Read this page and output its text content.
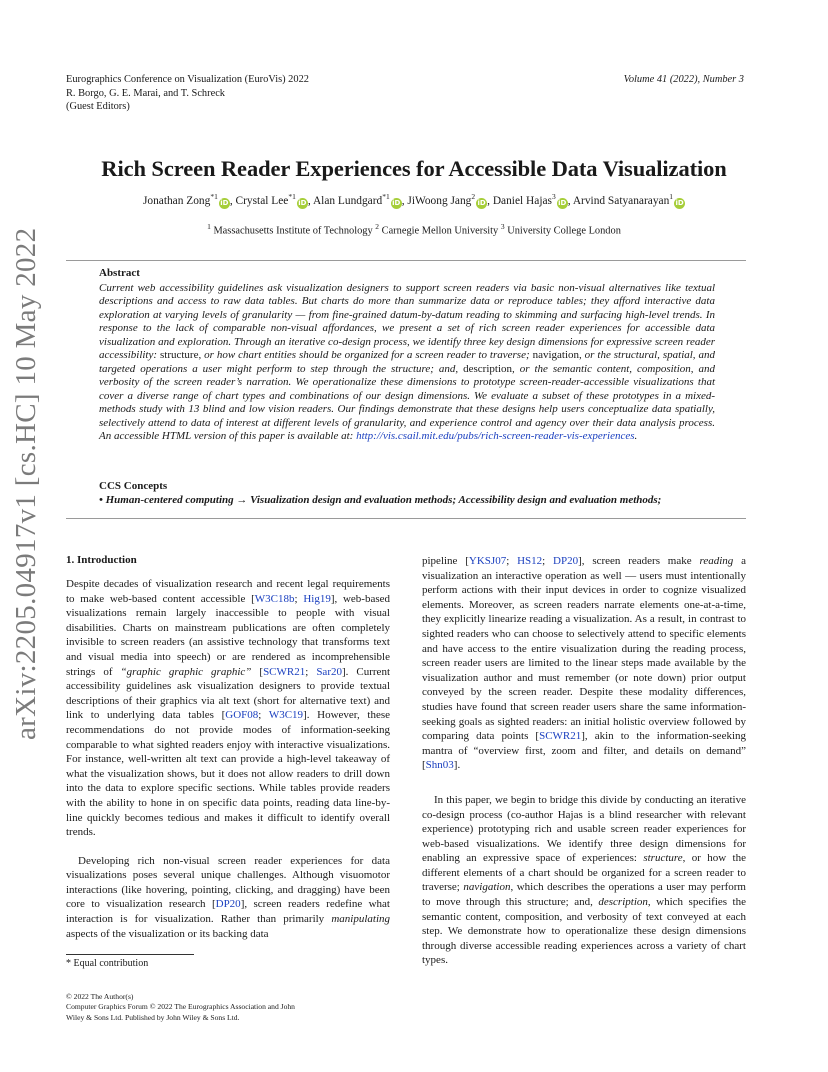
arXiv:2205.04917v1 [cs.HC] 10 May 2022
Eurographics Conference on Visualization (EuroVis) 2022
R. Borgo, G. E. Marai, and T. Schreck
(Guest Editors)
Volume 41 (2022), Number 3
Rich Screen Reader Experiences for Accessible Data Visualization
Jonathan Zong$^{*1}$iD, Crystal Lee$^{*1}$iD, Alan Lundgard$^{*1}$iD, JiWoong Jang$^2$iD, Daniel Hajas$^3$iD, Arvind Satyanarayan$^1$iD
$^1$ Massachusetts Institute of Technology $^2$ Carnegie Mellon University $^3$ University College London
Abstract

Current web accessibility guidelines ask visualization designers to support screen readers via basic non-visual alternatives like textual descriptions and access to raw data tables. But charts do more than summarize data or reproduce tables; they afford interactive data exploration at varying levels of granularity — from fine-grained datum-by-datum reading to skimming and surfacing high-level trends. In response to the lack of comparable non-visual affordances, we present a set of rich screen reader experiences for accessible data visualization and exploration. Through an iterative co-design process, we identify three key design dimensions for expressive screen reader accessibility: structure, or how chart entities should be organized for a screen reader to traverse; navigation, or the structural, spatial, and targeted operations a user might perform to step through the structure; and, description, or the semantic content, composition, and verbosity of the screen reader’s narration. We operationalize these dimensions to prototype screen-reader-accessible visualizations that cover a diverse range of chart types and combinations of our design dimensions. We evaluate a subset of these prototypes in a mixed-methods study with 13 blind and low vision readers. Our findings demonstrate that these designs help users conceptualize data spatially, selectively attend to data of interest at different levels of granularity, and experience control and agency over their data analysis process. An accessible HTML version of this paper is available at: http://vis.csail.mit.edu/pubs/rich-screen-reader-vis-experiences.

CCS Concepts

• Human-centered computing → Visualization design and evaluation methods; Accessibility design and evaluation methods;

1. Introduction

Despite decades of visualization research and recent legal requirements to make web-based content accessible [W3C18b; Hig19], web-based visualizations remain largely inaccessible to people with visual disabilities. Charts on mainstream publications are often completely invisible to screen readers (an assistive technology that transforms text and visual media into speech) or are rendered as incomprehensible strings of “graphic graphic graphic” [SCWR21; Sar20]. Current accessibility guidelines ask visualization designers to provide textual descriptions of their graphics via alt text (short for alternative text) and link to underlying data tables [GOF08; W3C19]. However, these recommendations do not provide modes of information-seeking comparable to what sighted readers enjoy with interactive visualizations. For instance, well-written alt text can provide a high-level takeaway of what the visualization shows, but it does not allow readers to drill down into the data to explore specific sections. While tables provide readers with the ability to hone in on specific data points, reading data line-by-line quickly becomes tedious and makes it difficult to identify overall trends.

Developing rich non-visual screen reader experiences for data visualizations poses several unique challenges. Although visuomotor interactions (like hovering, pointing, clicking, and dragging) have been core to visualization research [DP20], screen readers redefine what interaction is for visualization. Rather than primarily manipulating aspects of the visualization or its backing data

pipeline [YKSJ07; HS12; DP20], screen readers make reading a visualization an interactive operation as well — users must intentionally perform actions with their input devices in order to cognize visualized elements. Moreover, as screen readers narrate elements one-at-a-time, they explicitly linearize reading a visualization. As a result, in contrast to sighted readers who can choose to selectively attend to specific elements and have access to the entire visualization during the reading process, screen reader users are limited to the linear steps made available by the visualization author and must remember (or note down) prior output conveyed by the screen reader. Despite these modality differences, studies have found that screen reader users share the same information-seeking goals as sighted readers: an initial holistic overview followed by comparing data points [SCWR21], akin to the information-seeking mantra of “overview first, zoom and filter, and details on demand” [Shn03].

In this paper, we begin to bridge this divide by conducting an iterative co-design process (co-author Hajas is a blind researcher with relevant experience) prototyping rich and usable screen reader experiences for web-based visualizations. We identify three design dimensions for enabling an expressive space of experiences: structure, or how the different elements of a chart should be organized for a screen reader to traverse; navigation, which describes the operations a user may perform to move through this structure; and, description, which specifies the semantic content, composition, and verbosity of text conveyed at each step. We demonstrate how to operationalize these design dimensions through diverse accessible reading experiences across a variety of chart types.

* Equal contribution
© 2022 The Author(s)
Computer Graphics Forum © 2022 The Eurographics Association and John
Wiley & Sons Ltd. Published by John Wiley & Sons Ltd.
